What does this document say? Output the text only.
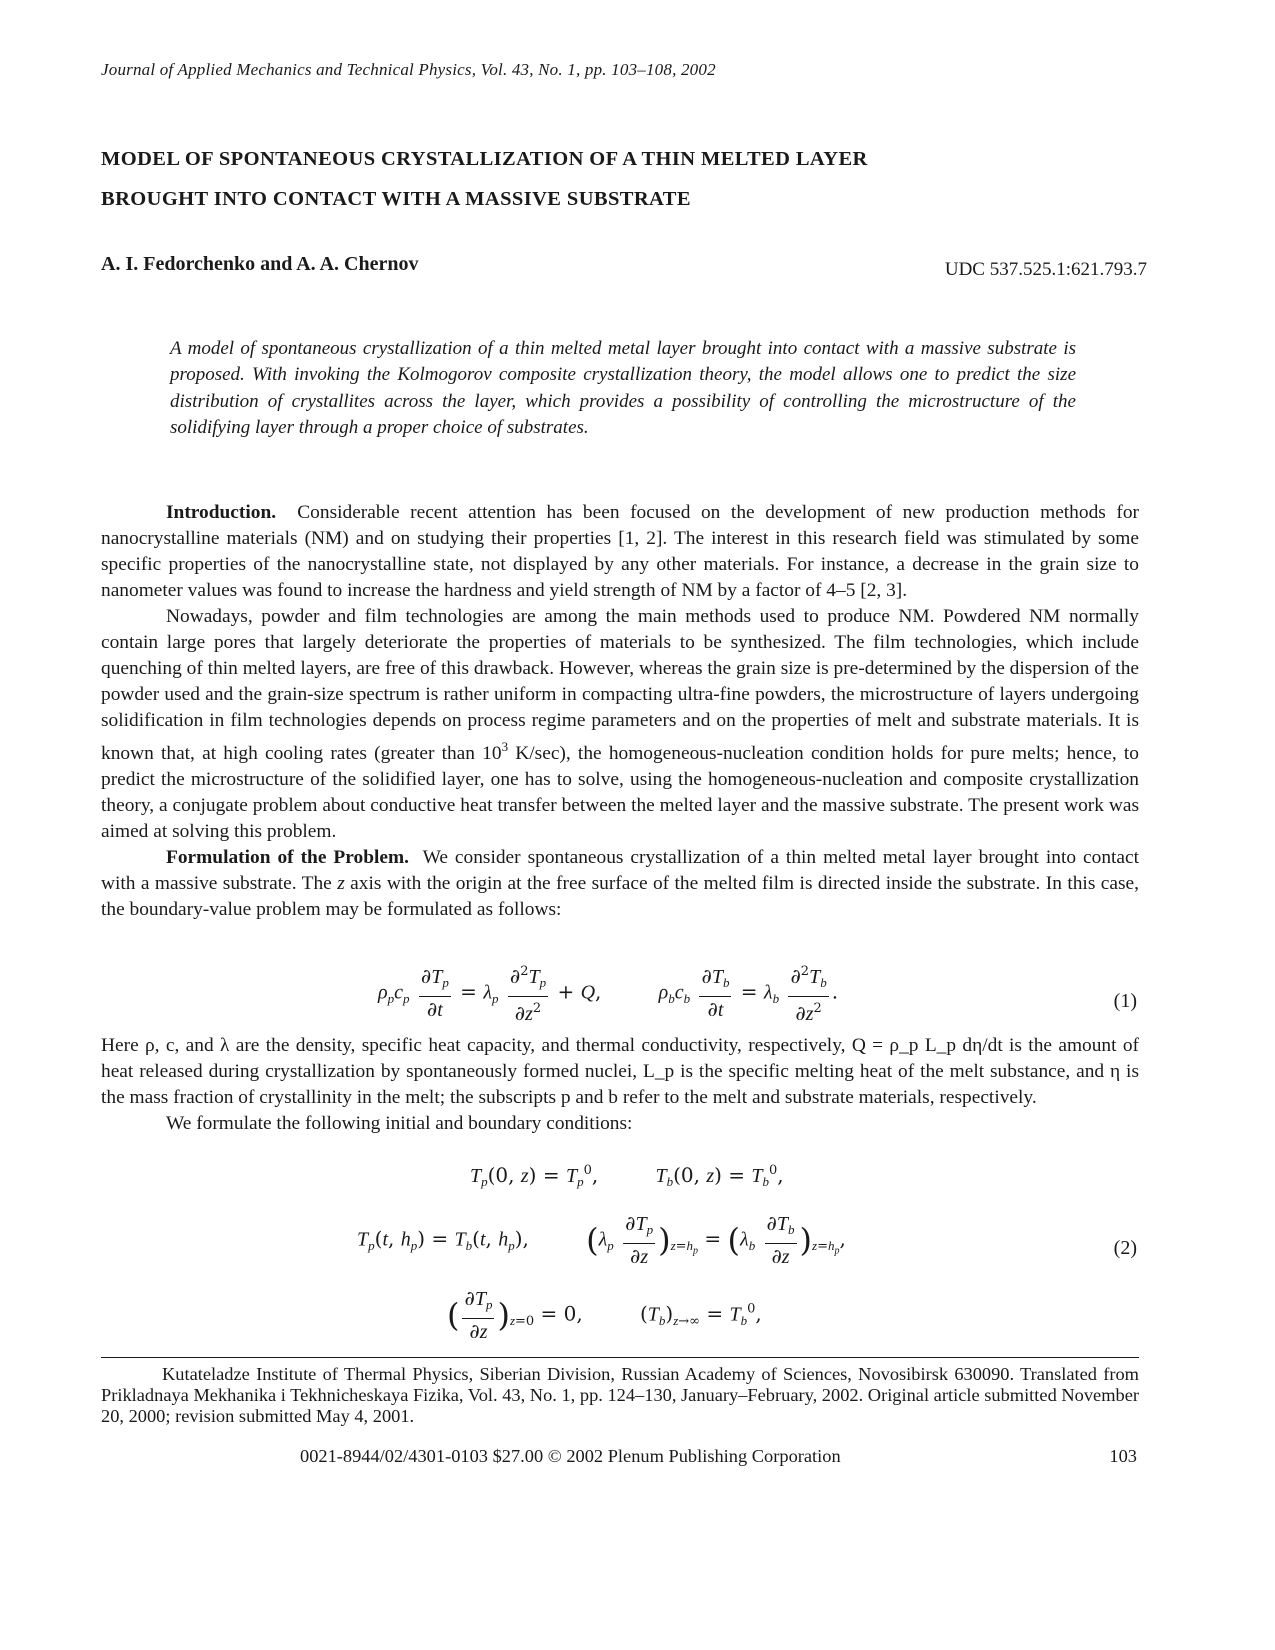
Journal of Applied Mechanics and Technical Physics, Vol. 43, No. 1, pp. 103–108, 2002
MODEL OF SPONTANEOUS CRYSTALLIZATION OF A THIN MELTED LAYER
BROUGHT INTO CONTACT WITH A MASSIVE SUBSTRATE
A. I. Fedorchenko and A. A. Chernov	UDC 537.525.1:621.793.7
A model of spontaneous crystallization of a thin melted metal layer brought into contact with a massive substrate is proposed. With invoking the Kolmogorov composite crystallization theory, the model allows one to predict the size distribution of crystallites across the layer, which provides a possibility of controlling the microstructure of the solidifying layer through a proper choice of substrates.

Introduction. Considerable recent attention has been focused on the development of new production methods for nanocrystalline materials (NM) and on studying their properties [1, 2]. The interest in this research field was stimulated by some specific properties of the nanocrystalline state, not displayed by any other materials. For instance, a decrease in the grain size to nanometer values was found to increase the hardness and yield strength of NM by a factor of 4–5 [2, 3].

Nowadays, powder and film technologies are among the main methods used to produce NM. Powdered NM normally contain large pores that largely deteriorate the properties of materials to be synthesized. The film technologies, which include quenching of thin melted layers, are free of this drawback. However, whereas the grain size is pre-determined by the dispersion of the powder used and the grain-size spectrum is rather uniform in compacting ultra-fine powders, the microstructure of layers undergoing solidification in film technologies depends on process regime parameters and on the properties of melt and substrate materials. It is known that, at high cooling rates (greater than $10^3$ K/sec), the homogeneous-nucleation condition holds for pure melts; hence, to predict the microstructure of the solidified layer, one has to solve, using the homogeneous-nucleation and composite crystallization theory, a conjugate problem about conductive heat transfer between the melted layer and the massive substrate. The present work was aimed at solving this problem.

Formulation of the Problem. We consider spontaneous crystallization of a thin melted metal layer brought into contact with a massive substrate. The z axis with the origin at the free surface of the melted film is directed inside the substrate. In this case, the boundary-value problem may be formulated as follows:

$\rho_pc_p \frac{\partial T_p}{\partial t} = \lambda_p \frac{\partial^2T_p}{\partial z^2} + Q$,         $\rho_bc_b \frac{\partial T_b}{\partial t} = \lambda_b \frac{\partial^2T_b}{\partial z^2}$ .	(1)

Here ρ, c, and λ are the density, specific heat capacity, and thermal conductivity, respectively, Q = ρ_p L_p dη/dt is the amount of heat released during crystallization by spontaneously formed nuclei, L_p is the specific melting heat of the melt substance, and η is the mass fraction of crystallinity in the melt; the subscripts p and b refer to the melt and substrate materials, respectively.

We formulate the following initial and boundary conditions:

$T_p(0$, $z) = T_p^0$,         $T_b(0$, $z) = T_b^0$,
$T_p(t$, $h_p) = T_b(t$, $h_p$),         $(\lambda_p \frac{\partial T_p}{\partial z} )_{z=h_p} = (\lambda_b \frac{\partial T_b}{\partial z} )_{z=h_p}$,	(2)
( $\frac{\partial T_p}{\partial z} )_{z=0} = 0$,         $(T_b)_{z\to\infty} = T_b^0$,

Kutateladze Institute of Thermal Physics, Siberian Division, Russian Academy of Sciences, Novosibirsk 630090. Translated from Prikladnaya Mekhanika i Tekhnicheskaya Fizika, Vol. 43, No. 1, pp. 124–130, January–February, 2002. Original article submitted November 20, 2000; revision submitted May 4, 2001.

0021-8944/02/4301-0103 $27.00 © 2002 Plenum Publishing Corporation	103
